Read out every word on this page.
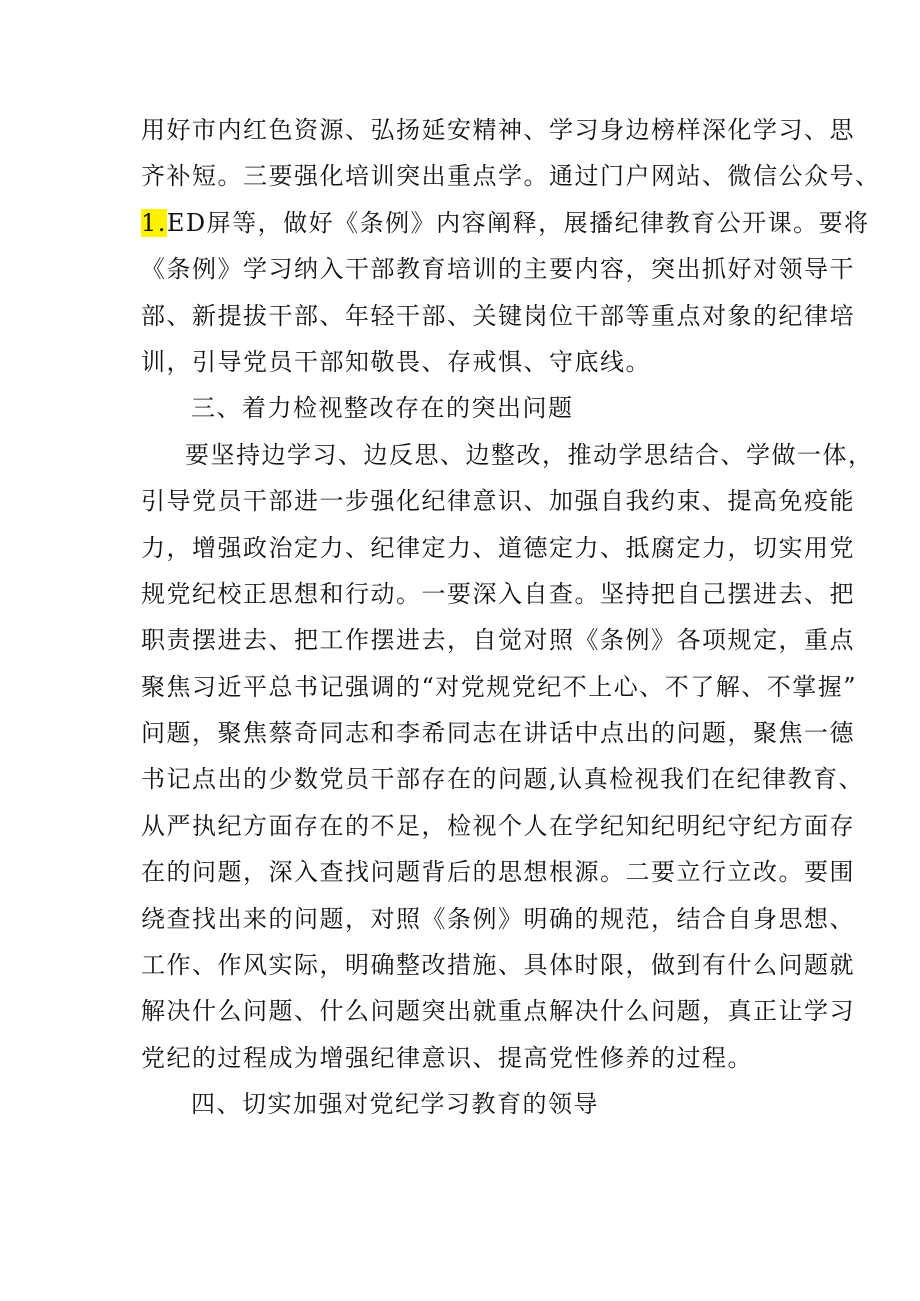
用好市内红色资源、弘扬延安精神、学习身边榜样深化学习、思
齐补短。三要强化培训突出重点学。通过门户网站、微信公众号、
1.ED屏等，做好《条例》内容阐释，展播纪律教育公开课。要将
《条例》学习纳入干部教育培训的主要内容，突出抓好对领导干
部、新提拔干部、年轻干部、关键岗位干部等重点对象的纪律培
训，引导党员干部知敬畏、存戒惧、守底线。
三、着力检视整改存在的突出问题
要坚持边学习、边反思、边整改，推动学思结合、学做一体，
引导党员干部进一步强化纪律意识、加强自我约束、提高免疫能
力，增强政治定力、纪律定力、道德定力、抵腐定力，切实用党
规党纪校正思想和行动。一要深入自查。坚持把自己摆进去、把
职责摆进去、把工作摆进去，自觉对照《条例》各项规定，重点
聚焦习近平总书记强调的“对党规党纪不上心、不了解、不掌握”
问题，聚焦蔡奇同志和李希同志在讲话中点出的问题，聚焦一德
书记点出的少数党员干部存在的问题,认真检视我们在纪律教育、
从严执纪方面存在的不足，检视个人在学纪知纪明纪守纪方面存
在的问题，深入查找问题背后的思想根源。二要立行立改。要围
绕查找出来的问题，对照《条例》明确的规范，结合自身思想、
工作、作风实际，明确整改措施、具体时限，做到有什么问题就
解决什么问题、什么问题突出就重点解决什么问题，真正让学习
党纪的过程成为增强纪律意识、提高党性修养的过程。
四、切实加强对党纪学习教育的领导
